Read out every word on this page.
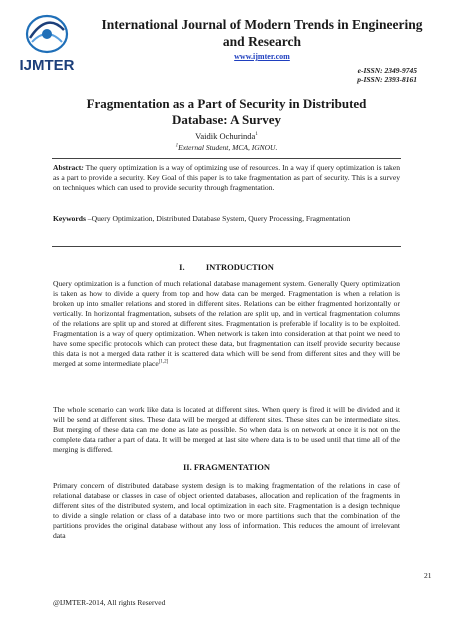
IJMTER
International Journal of Modern Trends in Engineering and Research
www.ijmter.com
e-ISSN: 2349-9745
p-ISSN: 2393-8161
Fragmentation as a Part of Security in Distributed Database: A Survey
Vaidik Ochurinda$^1$
$^1$External Student, MCA, IGNOU.
Abstract: The query optimization is a way of optimizing use of resources. In a way if query optimization is taken as a part to provide a security. Key Goal of this paper is to take fragmentation as part of security. This is a survey on techniques which can used to provide security through fragmentation.
Keywords –Query Optimization, Distributed Database System, Query Processing, Fragmentation
I.          INTRODUCTION
Query optimization is a function of much relational database management system. Generally Query optimization is taken as how to divide a query from top and how data can be merged. Fragmentation is when a relation is broken up into smaller relations and stored in different sites. Relations can be either fragmented horizontally or vertically. In horizontal fragmentation, subsets of the relation are split up, and in vertical fragmentation columns of the relations are split up and stored at different sites. Fragmentation is preferable if locality is to be exploited. Fragmentation is a way of query optimization. When network is taken into consideration at that point we need to have some specific protocols which can protect these data, but fragmentation can itself provide security because this data is not a merged data rather it is scattered data which will be send from different sites and they will be merged at some intermediate place[1,2]
The whole scenario can work like data is located at different sites. When query is fired it will be divided and it will be send at different sites. These data will be merged at different sites. These sites can be intermediate sites. But merging of these data can me done as late as possible. So when data is on network at once it is not on the complete data rather a part of data. It will be merged at last site where data is to be used until that time all of the merging is differed.
II. FRAGMENTATION
Primary concern of distributed database system design is to making fragmentation of the relations in case of relational database or classes in case of object oriented databases, allocation and replication of the fragments in different sites of the distributed system, and local optimization in each site. Fragmentation is a design technique to divide a single relation or class of a database into two or more partitions such that the combination of the partitions provides the original database without any loss of information. This reduces the amount of irrelevant data
21
@IJMTER-2014, All rights Reserved
